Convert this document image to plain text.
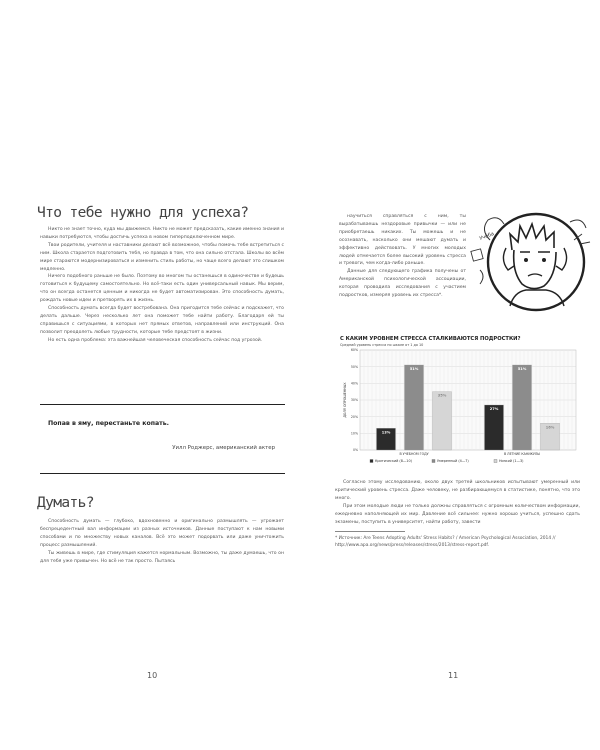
Что тебе нужно для успеха?

Никто не знает точно, куда мы движемся. Никто не может предсказать, какие именно знания и навыки потребуются, чтобы достичь успеха в новом гиперподключенном мире.

Твои родители, учителя и наставники делают всё возможное, чтобы помочь тебе встретиться с ним. Школа старается подготовить тебя, но правда в том, что она сильно отстала. Школы во всём мире стараются модернизироваться и изменить стиль работы, но чаще всего делают это слишком медленно.

Ничего подобного раньше не было. Поэтому во многом ты останешься в одиночестве и будешь готовиться к будущему самостоятельно. Но всё-таки есть один универсальный навык. Мы верим, что он всегда останется ценным и никогда не будет автоматизирован. Это способность думать, рождать новые идеи и претворять их в жизнь.

Способность думать всегда будет востребована. Она пригодится тебе сейчас и подскажет, что делать дальше. Через несколько лет она поможет тебе найти работу. Благодаря ей ты справишься с ситуациями, в которых нет прямых ответов, направлений или инструкций. Она позволит преодолеть любые трудности, которые тебе предстоят в жизни.

Но есть одна проблема: эта важнейшая человеческая способность сейчас под угрозой.

Попав в яму, перестаньте копать.
Уилл Роджерс, американский актер
Думать?

Способность думать — глубоко, вдохновенно и оригинально размышлять — угрожает беспрецедентный вал информации из разных источников. Данные поступают к нам новыми способами и по множеству новых каналов. Всё это может подорвать или даже уничтожить процесс размышлений.

Ты живешь в мире, где стимуляция кажется нормальным. Возможно, ты даже думаешь, что он для тебя уже привычен. Но всё не так просто. Пытаясь

10

научиться справляться с ним, ты вырабатываешь нездоровые привычки — или не приобретаешь никаких. Ты можешь и не осознавать, насколько они мешают думать и эффективно действовать. У многих молодых людей отмечается более высокий уровень стресса и тревоги, чем когда-либо раньше.

Данные для следующего графика получены от Американской психологической ассоциации, которая проводила исследования с участием подростков, измеряя уровень их стресса*.

Учёба
С КАКИМ УРОВНЕМ СТРЕССА СТАЛКИВАЮТСЯ ПОДРОСТКИ?
Средний уровень стресса по шкале от 1 до 10
0%
10%
20%
30%
40%
50%
60%
ДОЛЯ ОПРОШЕННЫХ
13%
51%
35%
В УЧЕБНОМ ГОДУ
27%
51%
16%
В ЛЕТНИЕ КАНИКУЛЫ
Критический (8—10)	Умеренный (4—7)	Низкий (1—3)

Согласно этому исследованию, около двух третей школьников испытывают умеренный или критический уровень стресса. Даже человеку, не разбирающемуся в статистике, понятно, что это много.

При этом молодые люди не только должны справляться с огромным количеством информации, ежедневно наполняющей их мир. Давление всё сильнее: нужно хорошо учиться, успешно сдать экзамены, поступить в университет, найти работу, завести

* Источник: Are Teens Adopting Adults' Stress Habits? / American Psychological Association, 2014 // http://www.apa.org/news/press/releases/stress/2013/stress-report.pdf.

11
